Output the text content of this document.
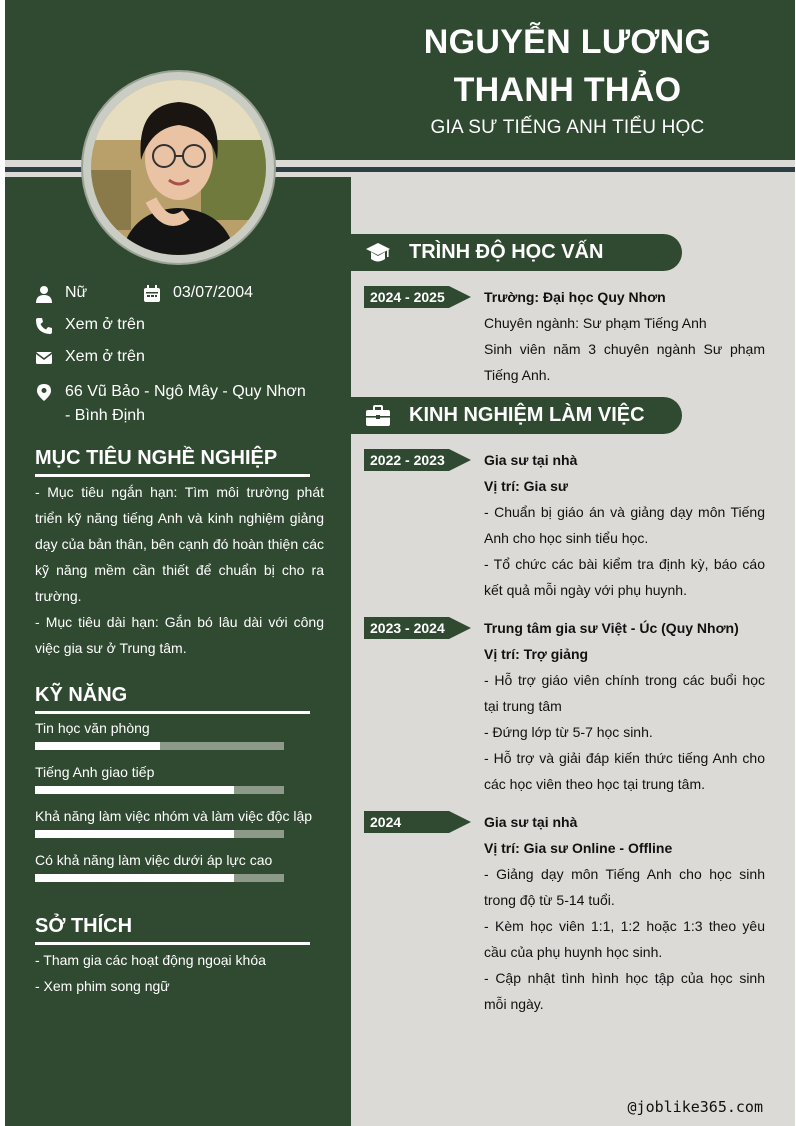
NGUYỄN LƯƠNG THANH THẢO
GIA SƯ TIẾNG ANH TIỂU HỌC
Nữ	03/07/2004
Xem ở trên
Xem ở trên
66 Vũ Bảo - Ngô Mây - Quy Nhơn - Bình Định
MỤC TIÊU NGHỀ NGHIỆP

- Mục tiêu ngắn hạn: Tìm môi trường phát triển kỹ năng tiếng Anh và kinh nghiệm giảng dạy của bản thân, bên cạnh đó hoàn thiện các kỹ năng mềm cần thiết để chuẩn bị cho ra trường.

- Mục tiêu dài hạn: Gắn bó lâu dài với công việc gia sư ở Trung tâm.

KỸ NĂNG
Tin học văn phòng
Tiếng Anh giao tiếp
Khả năng làm việc nhóm và làm việc độc lập
Có khả năng làm việc dưới áp lực cao
SỞ THÍCH

- Tham gia các hoạt động ngoại khóa

- Xem phim song ngữ

TRÌNH ĐỘ HỌC VẤN
2024 - 2025	Trường: Đại học Quy Nhơn

Chuyên ngành: Sư phạm Tiếng Anh

Sinh viên năm 3 chuyên ngành Sư phạm Tiếng Anh.

KINH NGHIỆM LÀM VIỆC
2022 - 2023	Gia sư tại nhà

Vị trí: Gia sư

- Chuẩn bị giáo án và giảng dạy môn Tiếng Anh cho học sinh tiểu học.

- Tổ chức các bài kiểm tra định kỳ, báo cáo kết quả mỗi ngày với phụ huynh.

2023 - 2024	Trung tâm gia sư Việt - Úc (Quy Nhơn)

Vị trí: Trợ giảng

- Hỗ trợ giáo viên chính trong các buổi học tại trung tâm

- Đứng lớp từ 5-7 học sinh.

- Hỗ trợ và giải đáp kiến thức tiếng Anh cho các học viên theo học tại trung tâm.

2024	Gia sư tại nhà

Vị trí: Gia sư Online - Offline

- Giảng dạy môn Tiếng Anh cho học sinh trong độ từ 5-14 tuổi.

- Kèm học viên 1:1, 1:2 hoặc 1:3 theo yêu cầu của phụ huynh học sinh.

- Cập nhật tình hình học tập của học sinh mỗi ngày.

@joblike365.com
